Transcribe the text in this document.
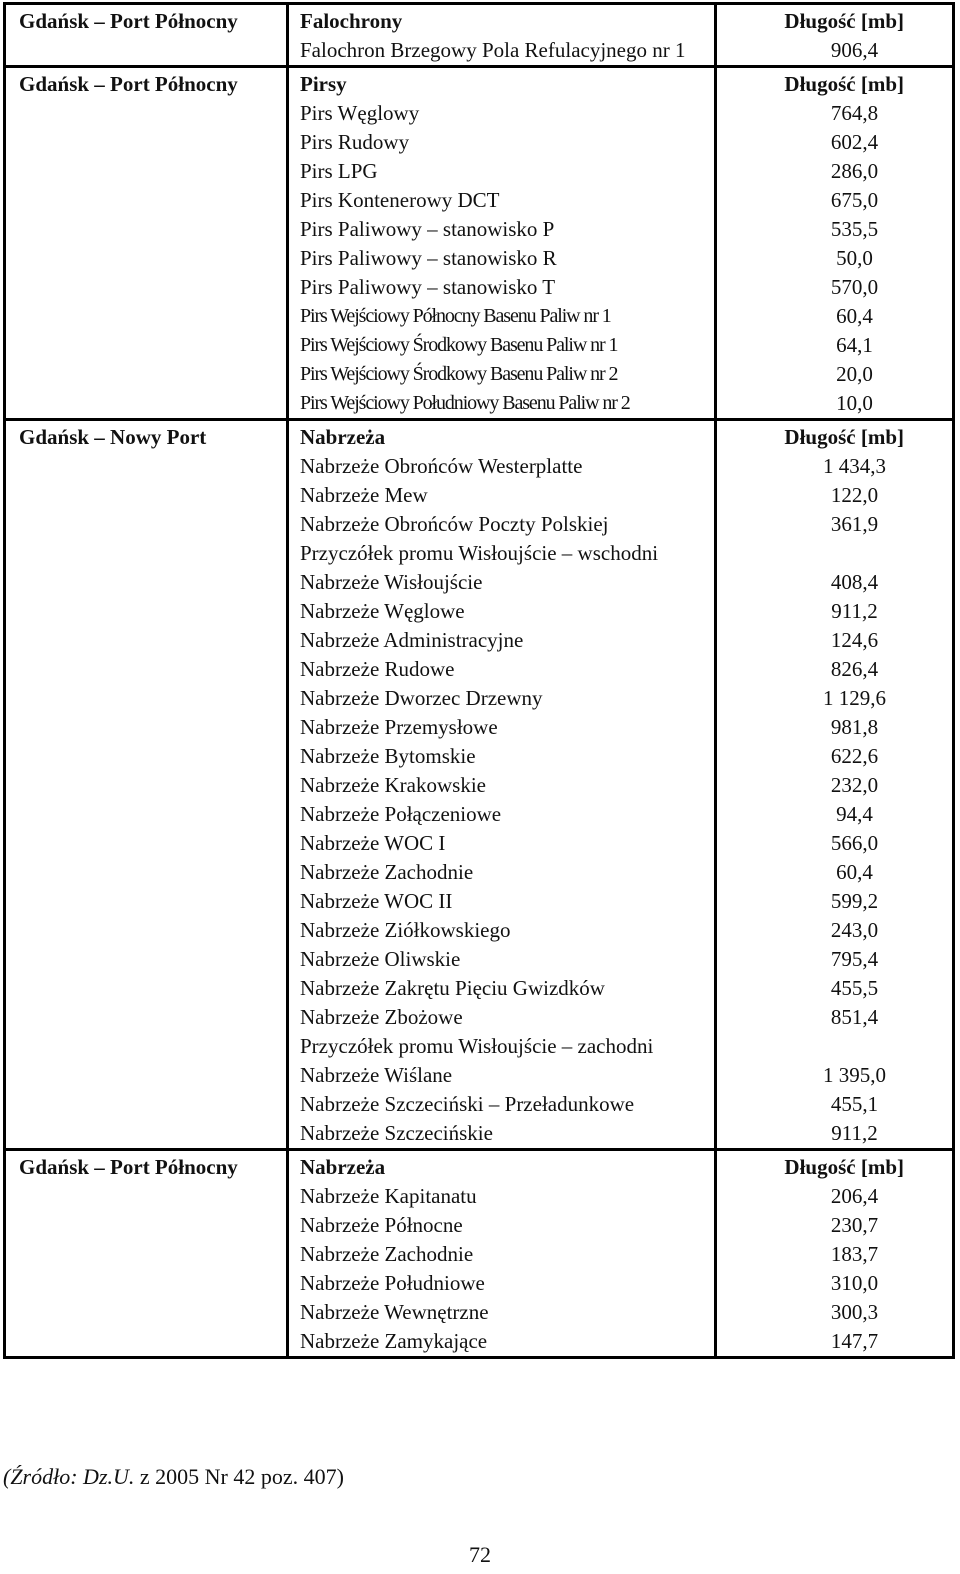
Gdańsk – Port Północny	Falochrony	Długość [mb]
	Falochron Brzegowy Pola Refulacyjnego nr 1	906,4
Gdańsk – Port Północny	Pirsy	Długość [mb]
	Pirs Węglowy	764,8
	Pirs Rudowy	602,4
	Pirs LPG	286,0
	Pirs Kontenerowy DCT	675,0
	Pirs Paliwowy – stanowisko P	535,5
	Pirs Paliwowy – stanowisko R	50,0
	Pirs Paliwowy – stanowisko T	570,0
	Pirs Wejściowy Północny Basenu Paliw nr 1	60,4
	Pirs Wejściowy Środkowy Basenu Paliw nr 1	64,1
	Pirs Wejściowy Środkowy Basenu Paliw nr 2	20,0
	Pirs Wejściowy Południowy Basenu Paliw nr 2	10,0
Gdańsk – Nowy Port	Nabrzeża	Długość [mb]
	Nabrzeże Obrońców Westerplatte	1 434,3
	Nabrzeże Mew	122,0
	Nabrzeże Obrońców Poczty Polskiej	361,9
	Przyczółek promu Wisłoujście – wschodni	
	Nabrzeże Wisłoujście	408,4
	Nabrzeże Węglowe	911,2
	Nabrzeże Administracyjne	124,6
	Nabrzeże Rudowe	826,4
	Nabrzeże Dworzec Drzewny	1 129,6
	Nabrzeże Przemysłowe	981,8
	Nabrzeże Bytomskie	622,6
	Nabrzeże Krakowskie	232,0
	Nabrzeże Połączeniowe	94,4
	Nabrzeże WOC I	566,0
	Nabrzeże Zachodnie	60,4
	Nabrzeże WOC II	599,2
	Nabrzeże Ziółkowskiego	243,0
	Nabrzeże Oliwskie	795,4
	Nabrzeże Zakrętu Pięciu Gwizdków	455,5
	Nabrzeże Zbożowe	851,4
	Przyczółek promu Wisłoujście – zachodni	
	Nabrzeże Wiślane	1 395,0
	Nabrzeże Szczeciński – Przeładunkowe	455,1
	Nabrzeże Szczecińskie	911,2
Gdańsk – Port Północny	Nabrzeża	Długość [mb]
	Nabrzeże Kapitanatu	206,4
	Nabrzeże Północne	230,7
	Nabrzeże Zachodnie	183,7
	Nabrzeże Południowe	310,0
	Nabrzeże Wewnętrzne	300,3
	Nabrzeże Zamykające	147,7
(Źródło: Dz.U. z 2005 Nr 42 poz. 407)
72
